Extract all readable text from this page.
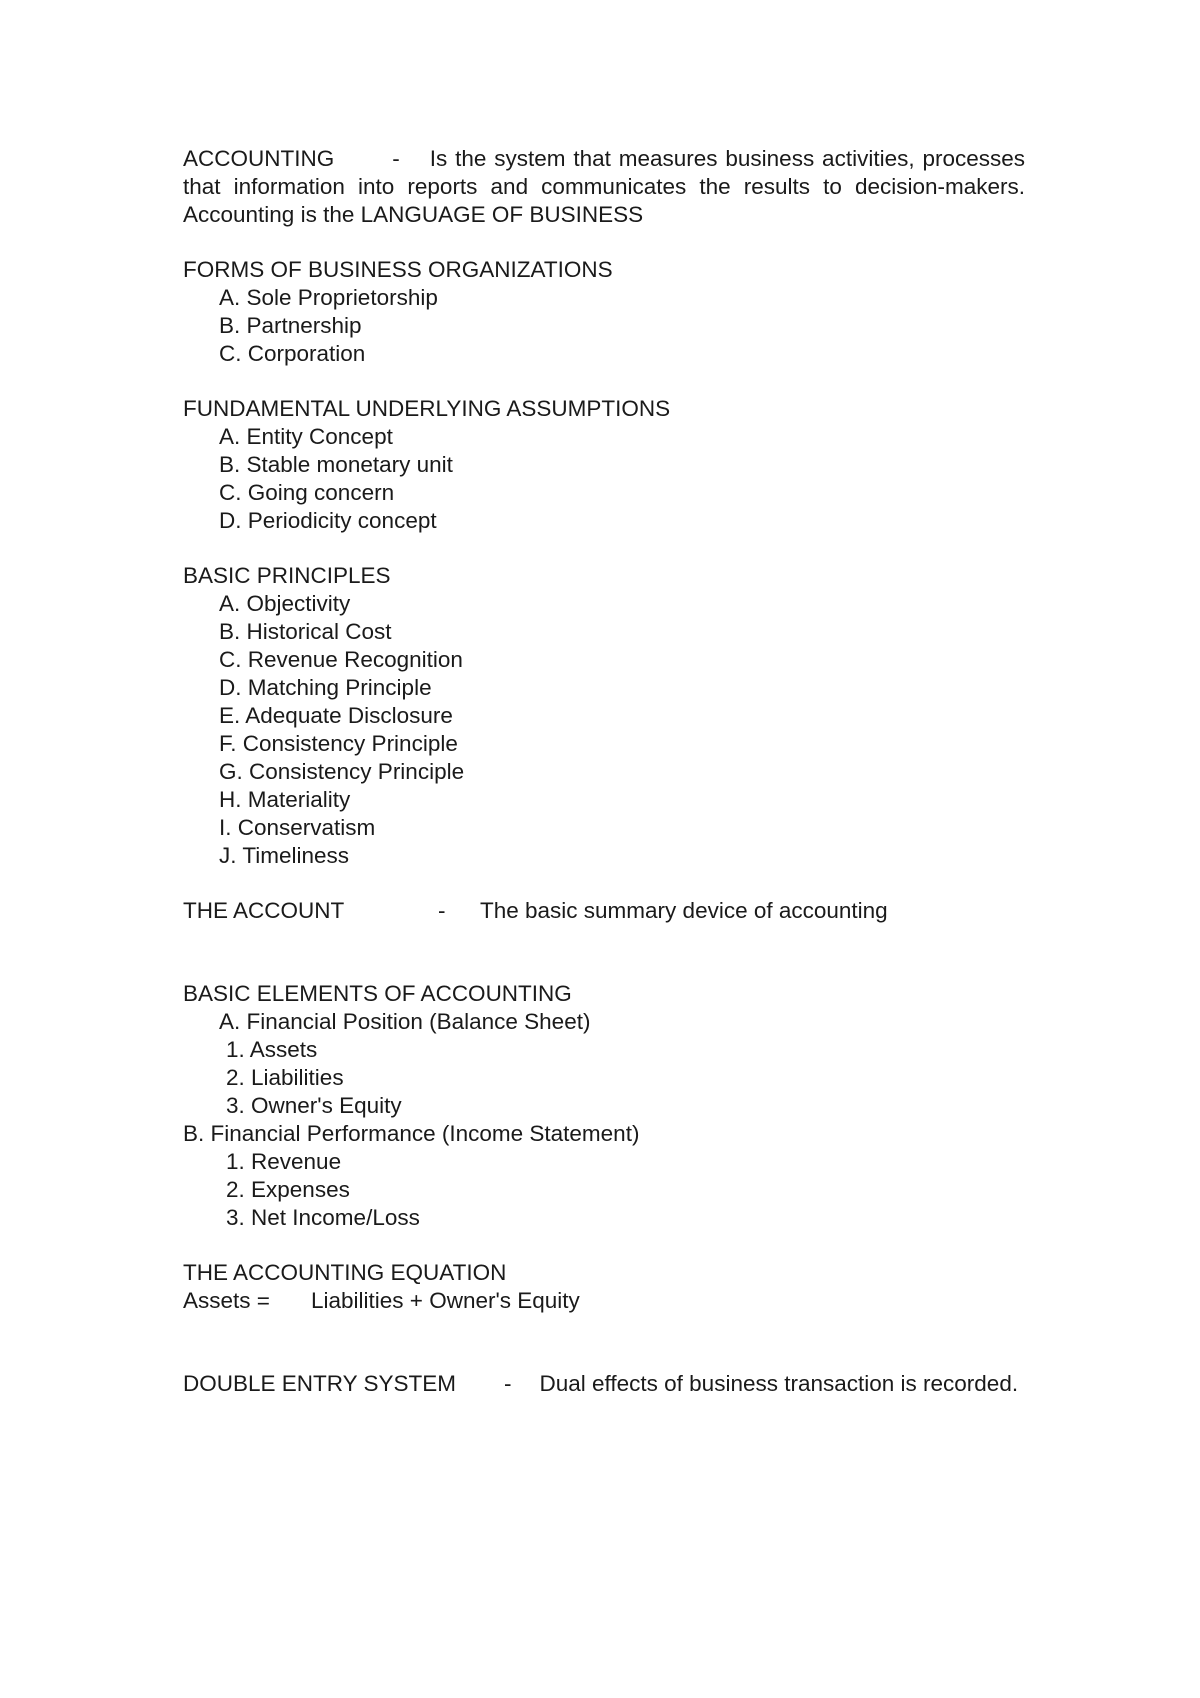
ACCOUNTING	- Is the system that measures business activities, processes that information into reports and communicates the results to decision-makers. Accounting is the LANGUAGE OF BUSINESS

FORMS OF BUSINESS ORGANIZATIONS

A. Sole Proprietorship

B. Partnership

C. Corporation

FUNDAMENTAL UNDERLYING ASSUMPTIONS

A. Entity Concept

B. Stable monetary unit

C. Going concern

D. Periodicity concept

BASIC PRINCIPLES

A. Objectivity

B. Historical Cost

C. Revenue Recognition

D. Matching Principle

E. Adequate Disclosure

F. Consistency Principle

G. Consistency Principle

H. Materiality

I. Conservatism

J. Timeliness

THE ACCOUNT	- The basic summary device of accounting

BASIC ELEMENTS OF ACCOUNTING

A. Financial Position (Balance Sheet)

1. Assets

2. Liabilities

3. Owner's Equity

B. Financial Performance (Income Statement)

1. Revenue

2. Expenses

3. Net Income/Loss

THE ACCOUNTING EQUATION

Assets = Liabilities + Owner's Equity

DOUBLE ENTRY SYSTEM - Dual effects of business transaction is recorded.
